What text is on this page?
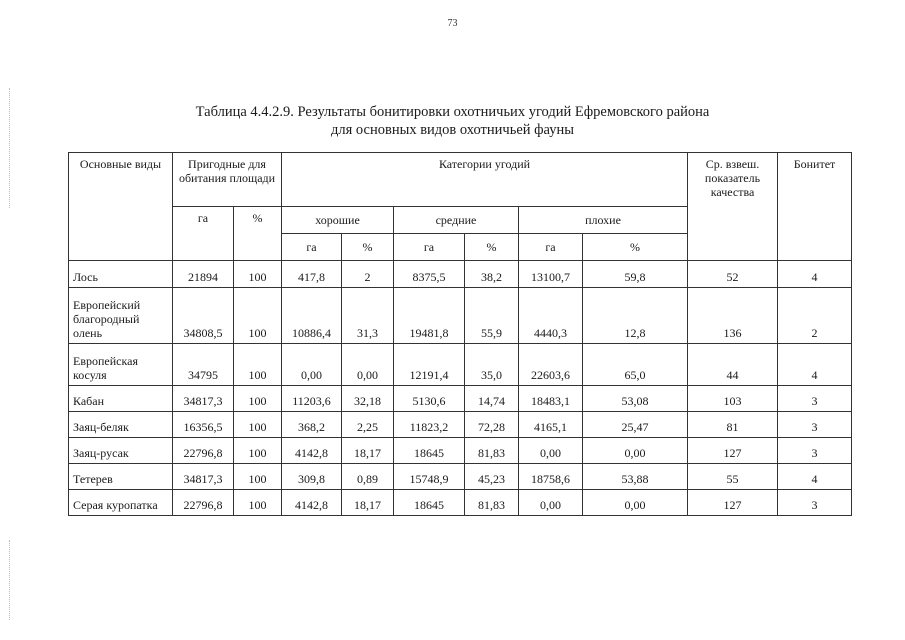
73
Таблица 4.4.2.9. Результаты бонитировки охотничьих угодий Ефремовского района
для основных видов охотничьей фауны
Основные виды	Пригодные для обитания площади		Категории угодий						Ср. взвеш. показатель качества	Бонитет
	га	%	хорошие		средние		плохие			
			га	%	га	%	га	%		
Лось	21894	100	417,8	2	8375,5	38,2	13100,7	59,8	52	4
Европейский благородный олень	34808,5	100	10886,4	31,3	19481,8	55,9	4440,3	12,8	136	2
Европейская косуля	34795	100	0,00	0,00	12191,4	35,0	22603,6	65,0	44	4
Кабан	34817,3	100	11203,6	32,18	5130,6	14,74	18483,1	53,08	103	3
Заяц-беляк	16356,5	100	368,2	2,25	11823,2	72,28	4165,1	25,47	81	3
Заяц-русак	22796,8	100	4142,8	18,17	18645	81,83	0,00	0,00	127	3
Тетерев	34817,3	100	309,8	0,89	15748,9	45,23	18758,6	53,88	55	4
Серая куропатка	22796,8	100	4142,8	18,17	18645	81,83	0,00	0,00	127	3
